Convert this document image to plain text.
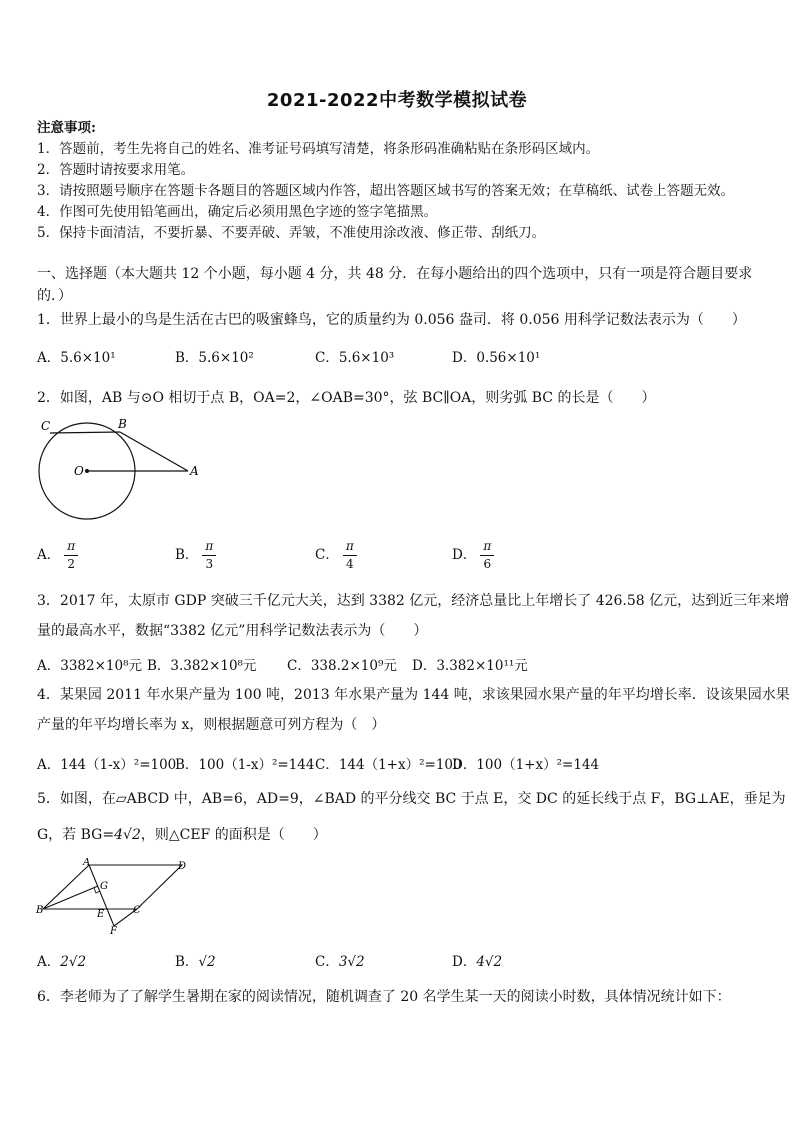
2021-2022中考数学模拟试卷
注意事项:
1．答题前，考生先将自己的姓名、准考证号码填写清楚，将条形码准确粘贴在条形码区域内。
2．答题时请按要求用笔。
3．请按照题号顺序在答题卡各题目的答题区域内作答，超出答题区域书写的答案无效；在草稿纸、试卷上答题无效。
4．作图可先使用铅笔画出，确定后必须用黑色字迹的签字笔描黑。
5．保持卡面清洁，不要折暴、不要弄破、弄皱，不准使用涂改液、修正带、刮纸刀。
一、选择题（本大题共 12 个小题，每小题 4 分，共 48 分．在每小题给出的四个选项中，只有一项是符合题目要求
的．）
1．世界上最小的鸟是生活在古巴的吸蜜蜂鸟，它的质量约为 0.056 盎司．将 0.056 用科学记数法表示为（　　）
A．5.6×10¹	B．5.6×10²	C．5.6×10³	D．0.56×10¹
2．如图，AB 与⊙O 相切于点 B，OA=2，∠OAB=30°，弦 BC∥OA，则劣弧 BC 的长是（　　）
C	B
O	A
A． $\frac{\pi}{2}$	B． $\frac{\pi}{3}$	C． $\frac{\pi}{4}$	D． $\frac{\pi}{6}$
3．2017 年，太原市 GDP 突破三千亿元大关，达到 3382 亿元，经济总量比上年增长了 426.58 亿元，达到近三年来增
量的最高水平，数据“3382 亿元”用科学记数法表示为（　　）
A．3382×10⁸元 B．3.382×10⁸元 C．338.2×10⁹元 D．3.382×10¹¹元
4．某果园 2011 年水果产量为 100 吨，2013 年水果产量为 144 吨，求该果园水果产量的年平均增长率．设该果园水果
产量的年平均增长率为 x，则根据题意可列方程为（　）
A．144（1-x）²=100
B．100（1-x）²=144 C．144（1+x）²=100
D．100（1+x）²=144
5．如图，在▱ABCD 中，AB=6，AD=9，∠BAD 的平分线交 BC 于点 E，交 DC 的延长线于点 F，BG⊥AE，垂足为
G，若 BG=4√2，则△CEF 的面积是（　　）
A	D
G
B	E	C
F
A．2√2	B．√2	C．3√2	D．4√2
6．李老师为了了解学生暑期在家的阅读情况，随机调查了 20 名学生某一天的阅读小时数，具体情况统计如下：
